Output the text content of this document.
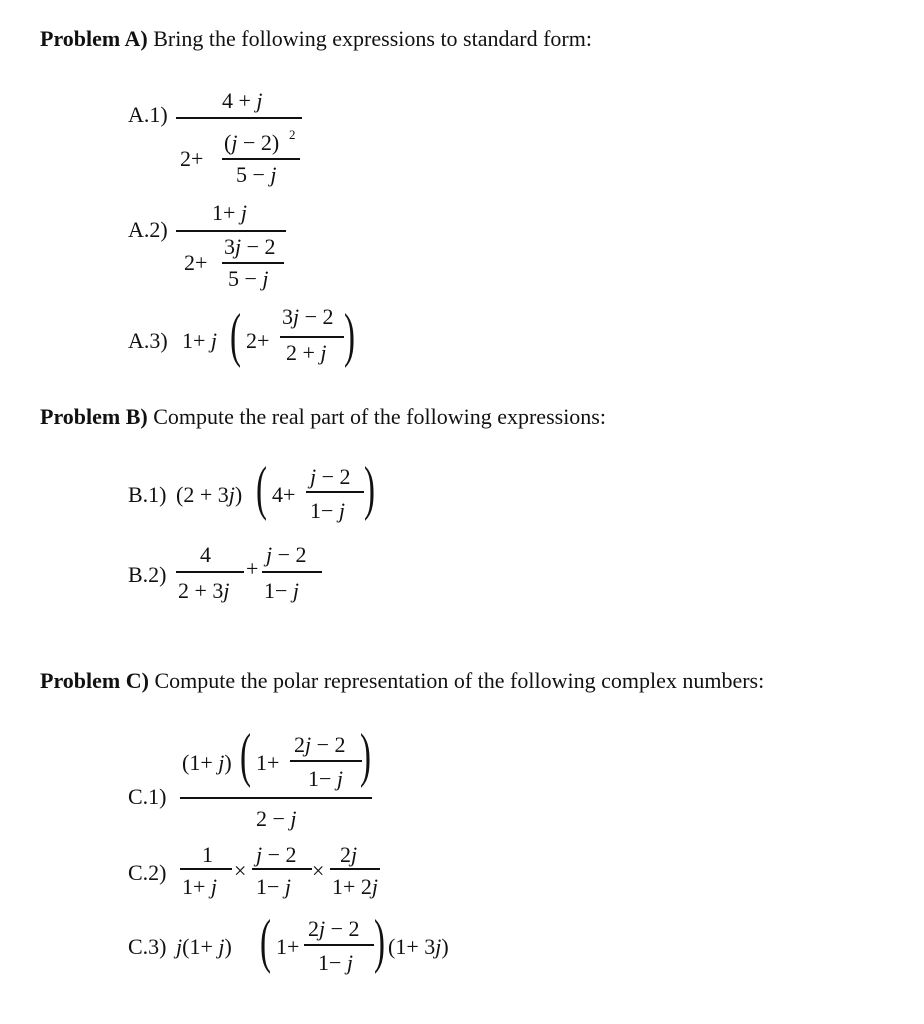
Problem A) Bring the following expressions to standard form:
Problem B) Compute the real part of the following expressions:
Problem C) Compute the polar representation of the following complex numbers:
A.1)
4 + j
2+
(j − 2) 2
5 − j
A.2)
1+ j
2+
3j − 2
5 − j
A.3) 1+ j ( 2+
3j − 2
2 + j )
B.1) (2 + 3j) ( 4+
j − 2
1− j )
B.2)
4
2 + 3j
+
j − 2
1− j
C.1)
(1+ j) ( 1+
2j − 2
1− j )
2 − j
C.2)
1
1+ j
×
j − 2
1− j
×
2j
1+ 2j
C.3) j(1+ j) ( 1+
2j − 2
1− j ) (1+ 3j)
